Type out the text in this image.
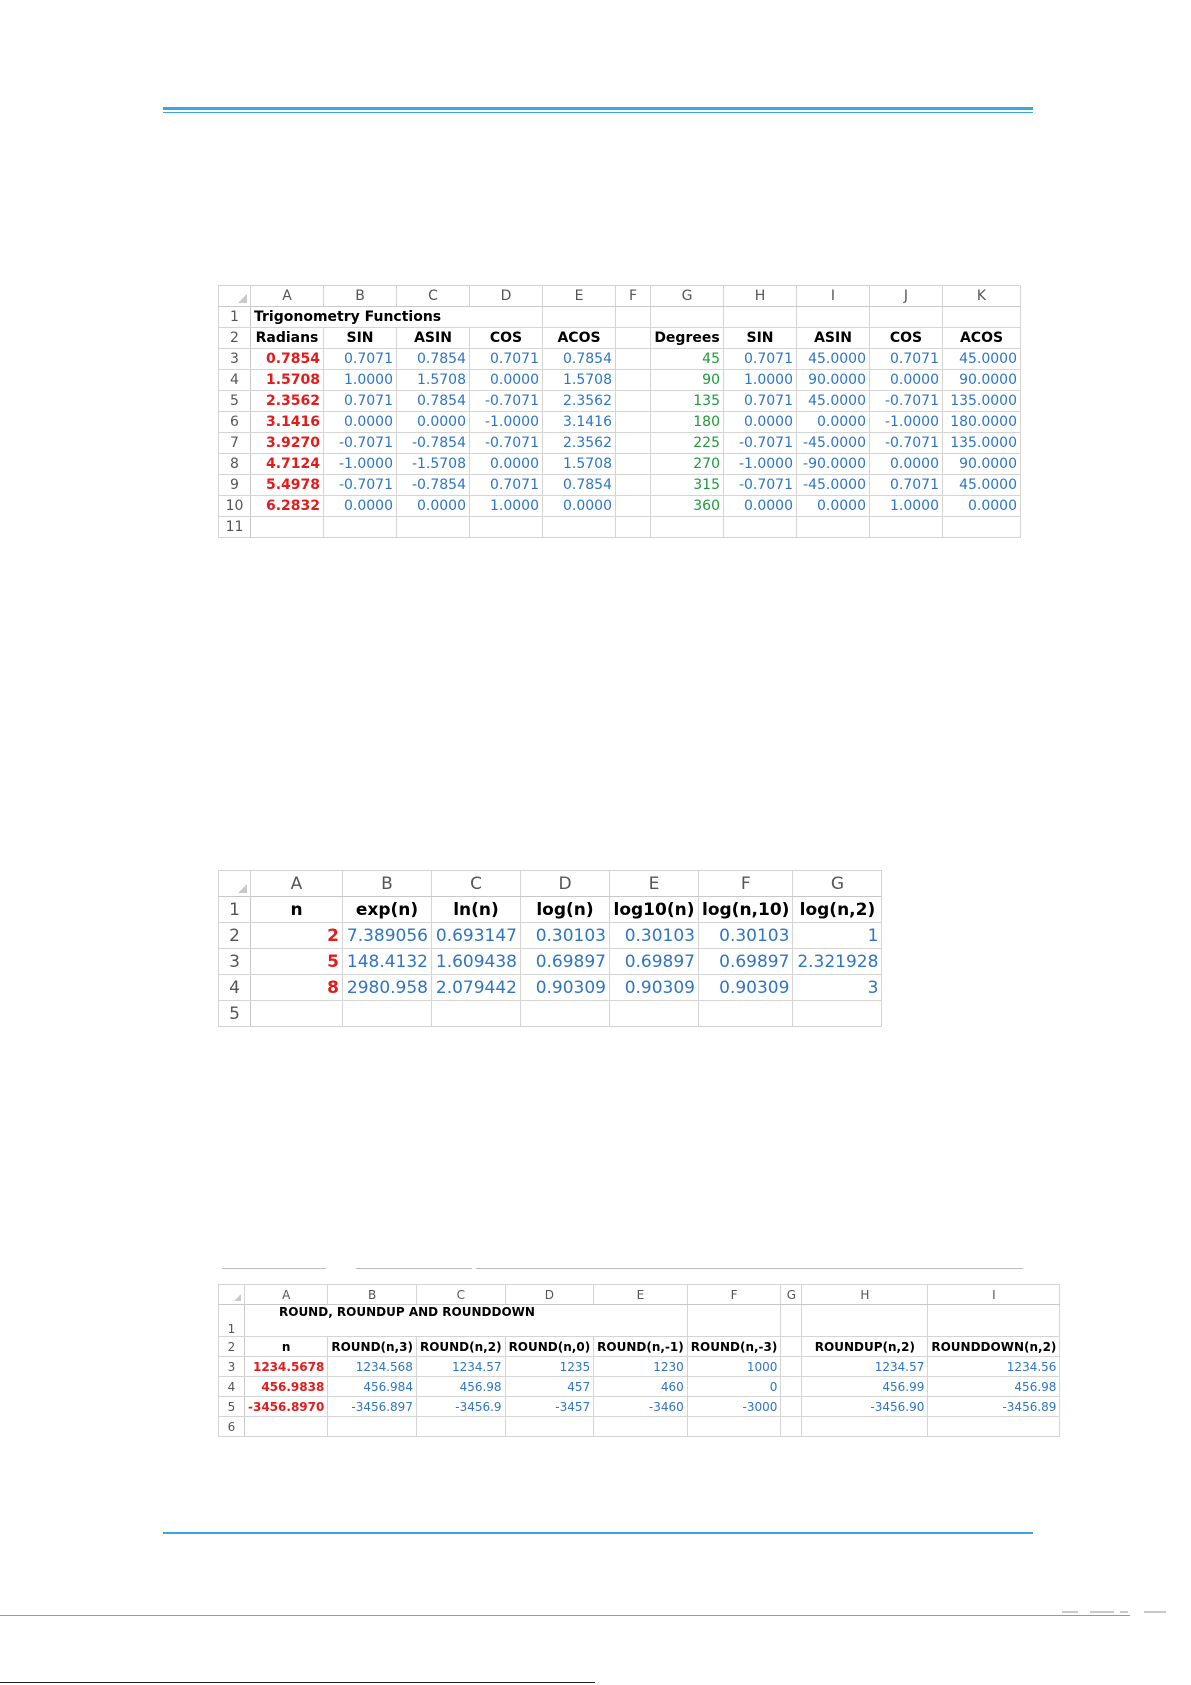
	A	B	C	D	E	F	G	H	I	J	K
1	Trigonometry Functions										
2	Radians	SIN	ASIN	COS	ACOS		Degrees	SIN	ASIN	COS	ACOS
3	0.7854	0.7071	0.7854	0.7071	0.7854		45	0.7071	45.0000	0.7071	45.0000
4	1.5708	1.0000	1.5708	0.0000	1.5708		90	1.0000	90.0000	0.0000	90.0000
5	2.3562	0.7071	0.7854	-0.7071	2.3562		135	0.7071	45.0000	-0.7071	135.0000
6	3.1416	0.0000	0.0000	-1.0000	3.1416		180	0.0000	0.0000	-1.0000	180.0000
7	3.9270	-0.7071	-0.7854	-0.7071	2.3562		225	-0.7071	-45.0000	-0.7071	135.0000
8	4.7124	-1.0000	-1.5708	0.0000	1.5708		270	-1.0000	-90.0000	0.0000	90.0000
9	5.4978	-0.7071	-0.7854	0.7071	0.7854		315	-0.7071	-45.0000	0.7071	45.0000
10	6.2832	0.0000	0.0000	1.0000	0.0000		360	0.0000	0.0000	1.0000	0.0000
11											
	A	B	C	D	E	F	G
1	n	exp(n)	ln(n)	log(n)	log10(n)	log(n,10)	log(n,2)
2	2	7.389056	0.693147	0.30103	0.30103	0.30103	1
3	5	148.4132	1.609438	0.69897	0.69897	0.69897	2.321928
4	8	2980.958	2.079442	0.90309	0.90309	0.90309	3
5							
	A	B	C	D	E	F	G	H	I
1	ROUND, ROUNDUP AND ROUNDDOWN								
2	n	ROUND(n,3)	ROUND(n,2)	ROUND(n,0)	ROUND(n,-1)	ROUND(n,-3)		ROUNDUP(n,2)	ROUNDDOWN(n,2)
3	1234.5678	1234.568	1234.57	1235	1230	1000		1234.57	1234.56
4	456.9838	456.984	456.98	457	460	0		456.99	456.98
5	-3456.8970	-3456.897	-3456.9	-3457	-3460	-3000		-3456.90	-3456.89
6									
